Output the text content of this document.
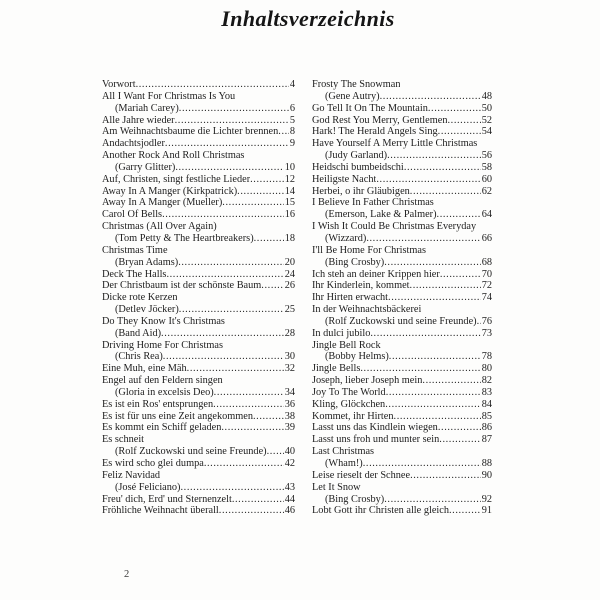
Inhaltsverzeichnis
Vorwort .....	4
All I Want For Christmas Is You
(Mariah Carey) .....	6
Alle Jahre wieder .....	5
Am Weihnachtsbaume die Lichter brennen ..... 8
Andachtsjodler .....	9
Another Rock And Roll Christmas
(Garry Glitter) .....	10
Auf, Christen, singt festliche Lieder .....	12
Away In A Manger (Kirkpatrick) .....	14
Away In A Manger (Mueller) .....	15
Carol Of Bells .....	16
Christmas (All Over Again)
(Tom Petty & The Heartbreakers) .....	18
Christmas Time
(Bryan Adams) .....	20
Deck The Halls .....	24
Der Christbaum ist der schönste Baum ..... 26
Dicke rote Kerzen
(Detlev Jöcker) .....	25
Do They Know It's Christmas
(Band Aid) .....	28
Driving Home For Christmas
(Chris Rea) .....	30
Eine Muh, eine Mäh .....	32
Engel auf den Feldern singen
(Gloria in excelsis Deo) .....	34
Es ist ein Ros' entsprungen .....	36
Es ist für uns eine Zeit angekommen .....	38
Es kommt ein Schiff geladen .....	39
Es schneit
(Rolf Zuckowski und seine Freunde) ..... 40
Es wird scho glei dumpa .....	42
Feliz Navidad
(José Feliciano) .....	43
Freu' dich, Erd' und Sternenzelt .....	44
Fröhliche Weihnacht überall .....	46
Frosty The Snowman
(Gene Autry) .....	48
Go Tell It On The Mountain .....	50
God Rest You Merry, Gentlemen .....	52
Hark! The Herald Angels Sing .....	54
Have Yourself A Merry Little Christmas
(Judy Garland) .....	56
Heidschi bumbeidschi .....	58
Heiligste Nacht .....	60
Herbei, o ihr Gläubigen .....	62
I Believe In Father Christmas
(Emerson, Lake & Palmer) .....	64
I Wish It Could Be Christmas Everyday
(Wizzard) .....	66
I'll Be Home For Christmas
(Bing Crosby) .....	68
Ich steh an deiner Krippen hier .....	70
Ihr Kinderlein, kommet .....	72
Ihr Hirten erwacht .....	74
In der Weihnachtsbäckerei
(Rolf Zuckowski und seine Freunde) ..... 76
In dulci jubilo .....	73
Jingle Bell Rock
(Bobby Helms) .....	78
Jingle Bells .....	80
Joseph, lieber Joseph mein .....	82
Joy To The World .....	83
Kling, Glöckchen .....	84
Kommet, ihr Hirten .....	85
Lasst uns das Kindlein wiegen .....	86
Lasst uns froh und munter sein .....	87
Last Christmas
(Wham!) .....	88
Leise rieselt der Schnee .....	90
Let It Snow
(Bing Crosby) .....	92
Lobt Gott ihr Christen alle gleich .....	91
2
